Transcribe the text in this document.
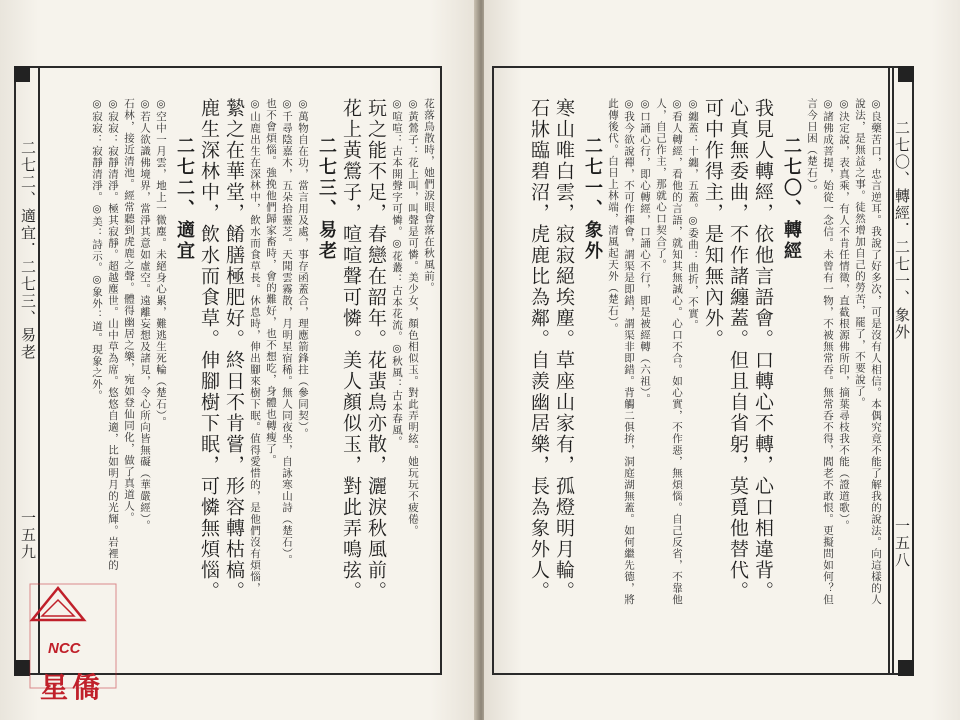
二七二、適宜．二七三、易老
一五九
花落鳥散時，她們淚眼會落在秋風前。
◎黃鶯子：花上叫，叫聲是可憐。美少女，顏色相似玉。對此弄明絃。她玩玩不疲倦。
◎喧喧：古本開聲字可憐。◎花叢：古本花流。◎秋風：古本春風。
玩之能不足，春戀在韶年。花蜚鳥亦散，灑淚秋風前。
花上黃鶯子，喧喧聲可憐。美人顏似玉，對此弄鳴弦。
二七三、易老
◎萬物自在功，當言用及處，事存函蓋合，理應箭鋒拄（參同契）。
◎千尋陰嘉木，五朵拾靈芝。天聞雲霧散，月明星宿稀。無人同夜坐，自詠寒山詩（楚石）。
也不會煩惱。強挽他們歸家畜時，會的難好，也不想吃，身體也轉瘦了。
◎山鹿出生在深林中，飲水而食草長。休息時，伸出腳來樹下眠。值得愛惜的，是他們沒有煩惱，
縶之在華堂，餚膳極肥好。終日不肯嘗，形容轉枯槁。
鹿生深林中，飲水而食草。伸腳樹下眠，可憐無煩惱。
二七二、適宜
◎空中一月雲，地上一微塵。未絕身心累，難逃生死輪（楚石）。
◎若人欲識佛境界，當淨其意如虛空。遠離妄想及諸見，令心所向皆無礙（華嚴經）。
石林，接近清池。經常聽到虎鹿之聲。體得幽居之樂，宛如登仙同化，做了真道人。
◎寂寂：寂靜清淨。極其寂靜。超越塵世。山中草為席。悠悠自適，比如明月的光輝。岩裡的
◎寂寂：寂靜清淨。◎美：詩示。◎象外：道。現象之外。
NCC
星僑
二七〇、轉經．二七一、象外
一五八
◎良藥苦口，忠言逆耳。我說了好多次，可是沒有人相信。本偶究竟不能了解我的說法。向這樣的人
說法，是無益之事。徒然增加自己的勞苦，罷了，不要說了。
◎決定說，表真乘，有人不肯任情徵，直截根源佛所印，摘葉尋枝我不能（證道歌）。
◎諸佛成菩提，始從一念信。未曾有一物，不被無常吞。無常呑不得，閻老不敢恨。更擬問如何？但
言今日困（楚石）。
二七〇、轉經
我見人轉經，依他言語會。口轉心不轉，心口相違背。
心真無委曲，不作諸纏蓋。但且自省躬，莫覓他替代。
可中作得主，是知無內外。
◎纏蓋：十纏，五蓋。◎委曲：曲折，不實。
◎看人轉經，看他的言語，就知其無誠心。心口不合。如心實，不作惡，無煩惱。自己反省，不靠他
人，自己作主，那就心口契合了。
◎口誦心行，即心轉經，口誦心不行，即是被經轉（六祖）。
◎我今欲說禪，不可作禪會，謂渠是即錯，謂渠非即錯。背觸二俱拚，洞庭湖無蓋。如何繼先德，將
此傳後代。白日上林端，清風起天外（楚石）。
二七一、象外
寒山唯白雲，寂寂絕埃塵。草座山家有，孤燈明月輪。
石牀臨碧沼，虎鹿比為鄰。自羨幽居樂，長為象外人。
